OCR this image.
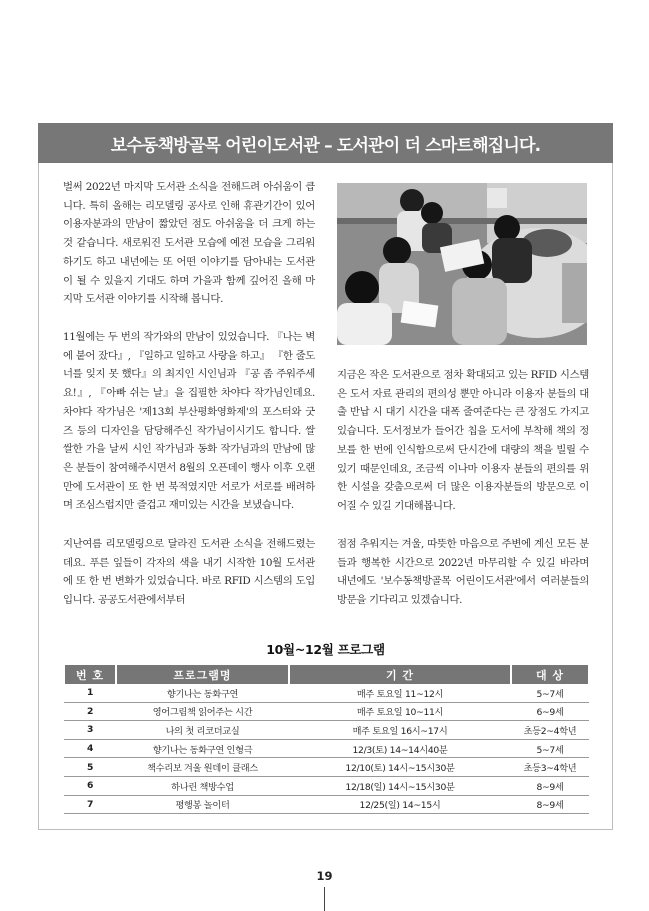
보수동책방골목 어린이도서관 – 도서관이 더 스마트해집니다.

벌써 2022년 마지막 도서관 소식을 전해드려 아쉬움이 큽니다. 특히 올해는 리모델링 공사로 인해 휴관기간이 있어 이용자분과의 만남이 짧았던 점도 아쉬움을 더 크게 하는 것 같습니다. 새로워진 도서관 모습에 예전 모습을 그리워하기도 하고 내년에는 또 어떤 이야기를 담아내는 도서관이 될 수 있을지 기대도 하며 가을과 함께 깊어진 올해 마지막 도서관 이야기를 시작해 봅니다.

11월에는 두 번의 작가와의 만남이 있었습니다. 『나는 벽에 붙어 잤다』, 『일하고 일하고 사랑을 하고』 『한 줄도 너를 잊지 못 했다』의 최지인 시인님과 『공 좀 주워주세요!』, 『아빠 쉬는 날』을 집필한 차야다 작가님인데요. 차야다 작가님은 '제13회 부산평화영화제'의 포스터와 굿즈 등의 디자인을 담당해주신 작가님이시기도 합니다. 쌀쌀한 가을 날씨 시인 작가님과 동화 작가님과의 만남에 많은 분들이 참여해주시면서 8월의 오픈데이 행사 이후 오랜만에 도서관이 또 한 번 북적였지만 서로가 서로를 배려하며 조심스럽지만 즐겁고 재미있는 시간을 보냈습니다.

지난여름 리모델링으로 달라진 도서관 소식을 전해드렸는데요. 푸른 잎들이 각자의 색을 내기 시작한 10월 도서관에 또 한 번 변화가 있었습니다. 바로 RFID 시스템의 도입입니다. 공공도서관에서부터

지금은 작은 도서관으로 점차 확대되고 있는 RFID 시스템은 도서 자료 관리의 편의성 뿐만 아니라 이용자 분들의 대출 반납 시 대기 시간을 대폭 줄여준다는 큰 장점도 가지고 있습니다. 도서정보가 들어간 칩을 도서에 부착해 책의 정보를 한 번에 인식함으로써 단시간에 대량의 책을 빌릴 수 있기 때문인데요, 조금씩 이나마 이용자 분들의 편의를 위한 시설을 갖춤으로써 더 많은 이용자분들의 방문으로 이어질 수 있길 기대해봅니다.

점점 추워지는 겨울, 따뜻한 마음으로 주변에 계신 모든 분들과 행복한 시간으로 2022년 마무리할 수 있길 바라며 내년에도 '보수동책방골목 어린이도서관'에서 여러분들의 방문을 기다리고 있겠습니다.

10월~12월 프로그램
번 호	프로그램명	기 간	대 상
1	향기나는 동화구연	매주 토요일 11~12시	5~7세
2	영어그림책 읽어주는 시간	매주 토요일 10~11시	6~9세
3	나의 첫 리코더교실	매주 토요일 16시~17시	초등2~4학년
4	향기나는 동화구연 인형극	12/3(토) 14~14시40분	5~7세
5	책수리보 겨울 원데이 클래스	12/10(토) 14시~15시30분	초등3~4학년
6	하나린 책방수업	12/18(일) 14시~15시30분	8~9세
7	평행봉 놀이터	12/25(일) 14~15시	8~9세
19
